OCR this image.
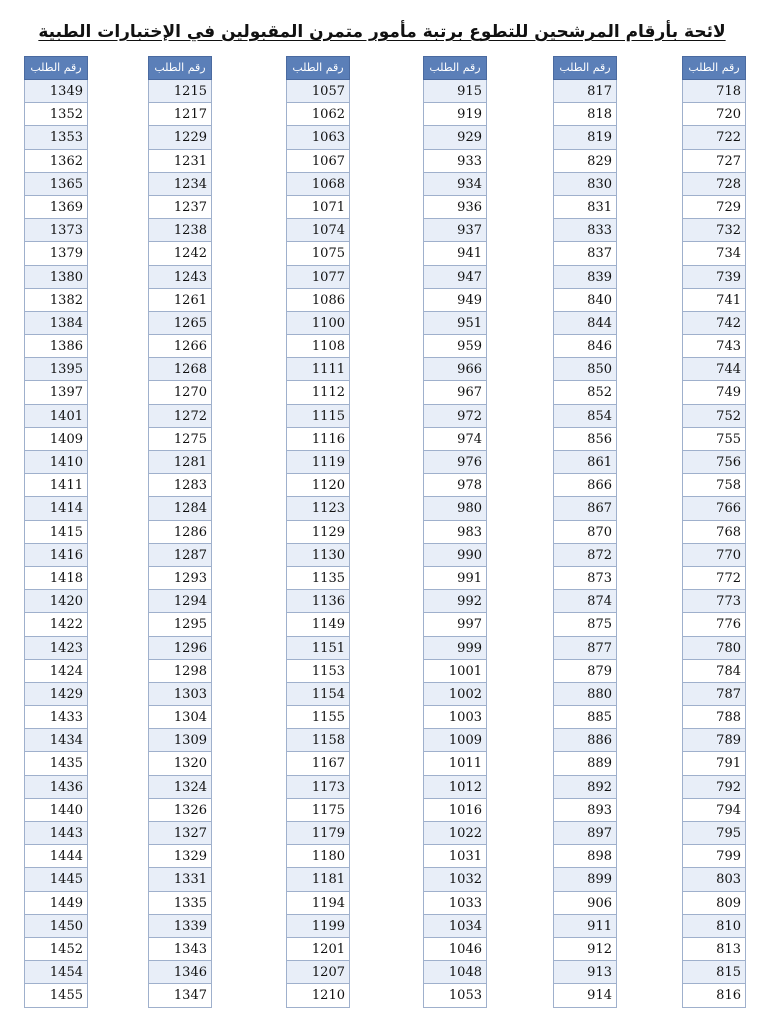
لائحة بأرقام المرشحين للتطوع برتبة مأمور متمرن المقبولين في الإختبارات الطبية
رقم الطلب
1349
1352
1353
1362
1365
1369
1373
1379
1380
1382
1384
1386
1395
1397
1401
1409
1410
1411
1414
1415
1416
1418
1420
1422
1423
1424
1429
1433
1434
1435
1436
1440
1443
1444
1445
1449
1450
1452
1454
1455
رقم الطلب
1215
1217
1229
1231
1234
1237
1238
1242
1243
1261
1265
1266
1268
1270
1272
1275
1281
1283
1284
1286
1287
1293
1294
1295
1296
1298
1303
1304
1309
1320
1324
1326
1327
1329
1331
1335
1339
1343
1346
1347
رقم الطلب
1057
1062
1063
1067
1068
1071
1074
1075
1077
1086
1100
1108
1111
1112
1115
1116
1119
1120
1123
1129
1130
1135
1136
1149
1151
1153
1154
1155
1158
1167
1173
1175
1179
1180
1181
1194
1199
1201
1207
1210
رقم الطلب
915
919
929
933
934
936
937
941
947
949
951
959
966
967
972
974
976
978
980
983
990
991
992
997
999
1001
1002
1003
1009
1011
1012
1016
1022
1031
1032
1033
1034
1046
1048
1053
رقم الطلب
817
818
819
829
830
831
833
837
839
840
844
846
850
852
854
856
861
866
867
870
872
873
874
875
877
879
880
885
886
889
892
893
897
898
899
906
911
912
913
914
رقم الطلب
718
720
722
727
728
729
732
734
739
741
742
743
744
749
752
755
756
758
766
768
770
772
773
776
780
784
787
788
789
791
792
794
795
799
803
809
810
813
815
816
